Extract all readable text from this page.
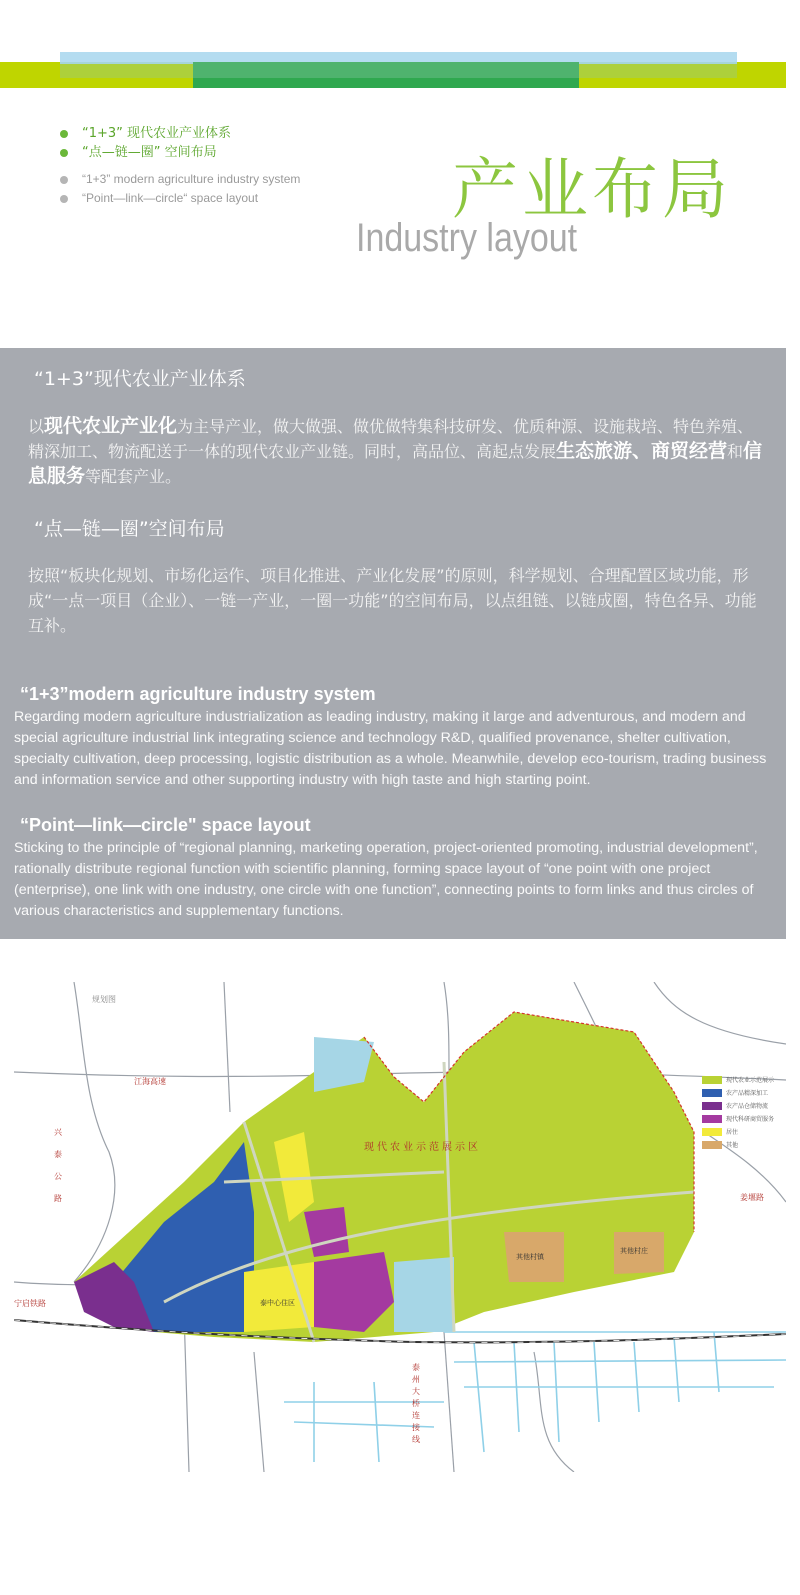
“1+3” 现代农业产业体系
“点—链—圈” 空间布局
“1+3” modern agriculture industry system
“Point—link—circle“ space layout	产业布局
Industry layout
“1+3”现代农业产业体系

以现代农业产业化为主导产业，做大做强、做优做特集科技研发、优质种源、设施栽培、特色养殖、精深加工、物流配送于一体的现代农业产业链。同时，高品位、高起点发展生态旅游、商贸经营和信息服务等配套产业。

“点—链—圈”空间布局

按照“板块化规划、市场化运作、项目化推进、产业化发展”的原则，科学规划、合理配置区域功能，形成“一点一项目（企业）、一链一产业，一圈一功能”的空间布局，以点组链、以链成圈，特色各异、功能互补。

“1+3”modern agriculture industry system

Regarding modern agriculture industrialization as leading industry, making it large and adventurous, and modern and special agriculture industrial link integrating science and technology R&D, qualified provenance, shelter cultivation, specialty cultivation, deep processing, logistic distribution as a whole. Meanwhile, develop eco-tourism, trading business and information service and other supporting industry with high taste and high starting point.

“Point—link—circle" space layout

Sticking to the principle of “regional planning, marketing operation, project-oriented promoting, industrial development”, rationally distribute regional function with scientific planning, forming space layout of “one point with one project (enterprise), one link with one industry, one circle with one function”, connecting points to form links and thus circles of various characteristics and supplementary functions.

规划图
现代农业示范展示区
江海高速
兴泰公路	姜堰路
宁启铁路
泰州大桥连接线
泰中心住区
其他村镇
其他村庄
现代农业示范展示
农产品精深加工
农产品仓储物流
现代科研商贸服务
居住
其他
